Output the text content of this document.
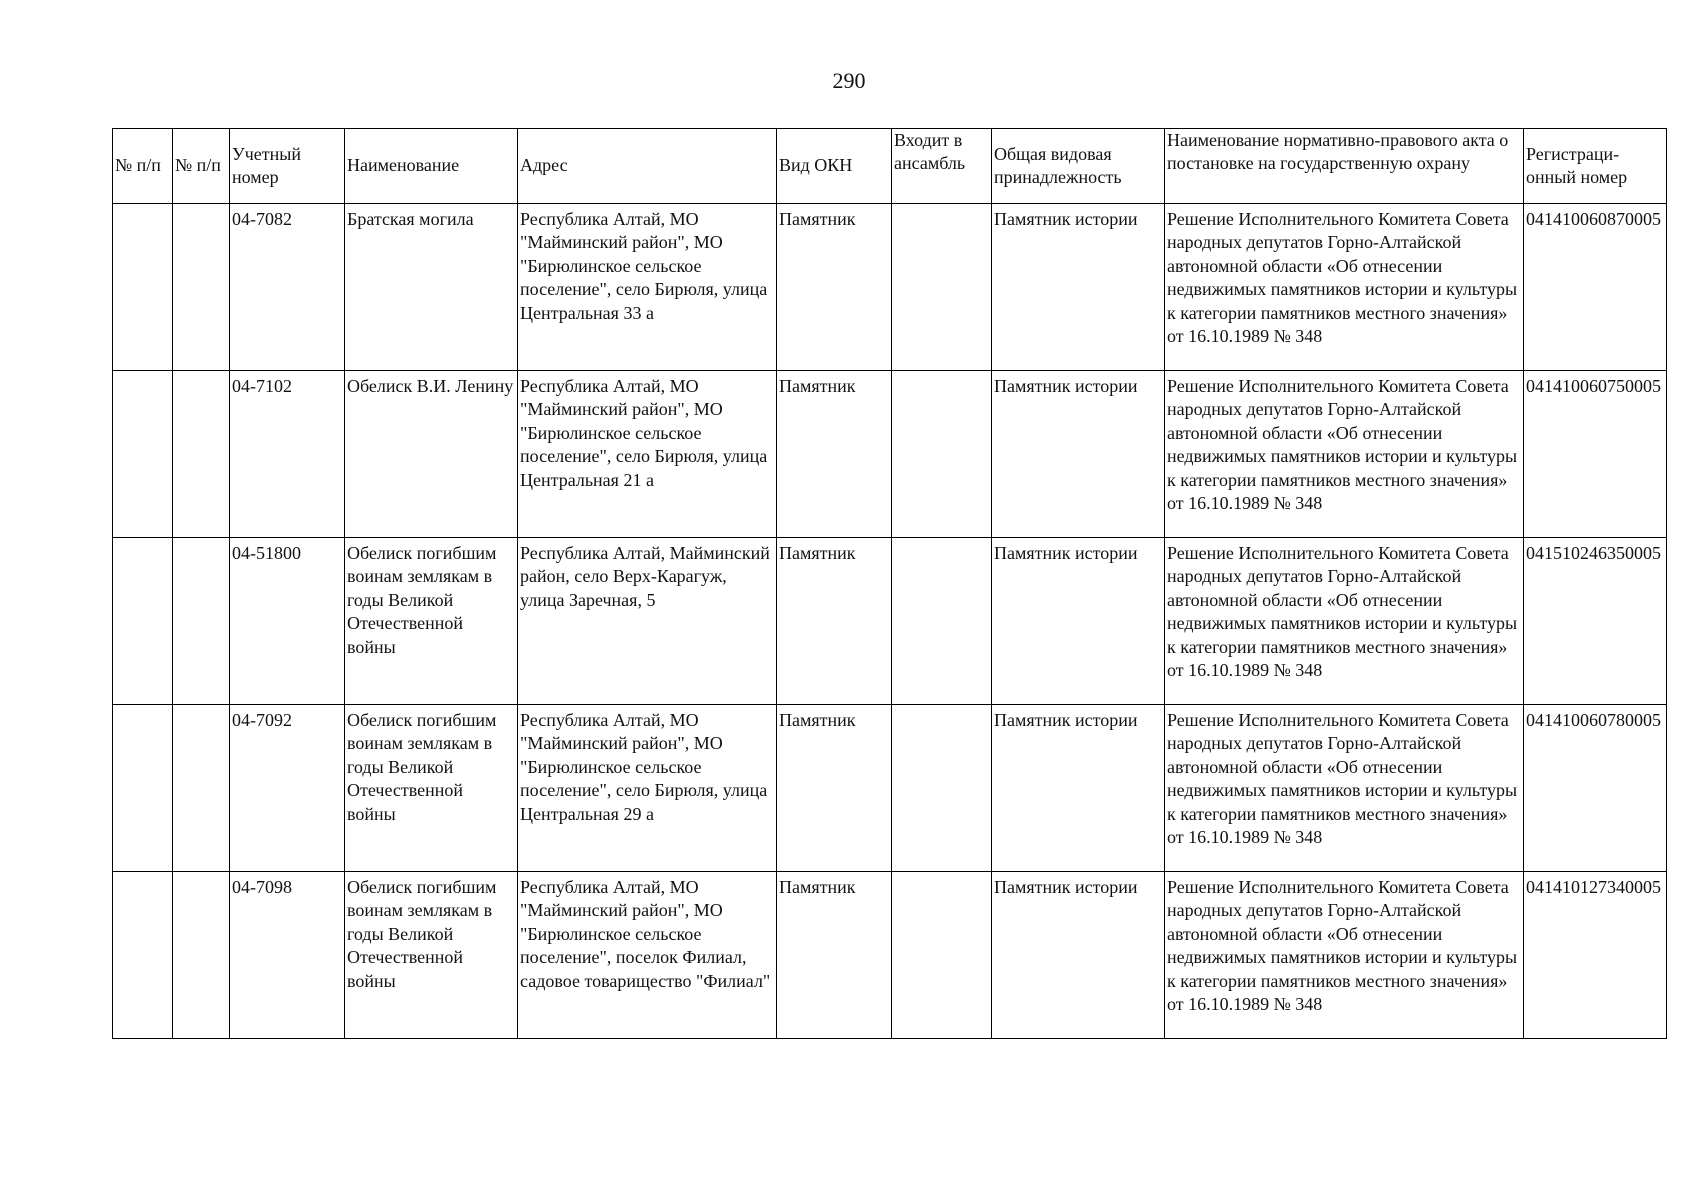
290
№ п/п	№ п/п	Учетный номер	Наименование	Адрес	Вид ОКН	Входит в ансамбль	Общая видовая принадлежность	Наименование нормативно-правового акта о постановке на государственную охрану	Регистраци-онный номер
		04-7082	Братская могила	Республика Алтай, МО "Майминский район", МО "Бирюлинское сельское поселение", село Бирюля, улица Центральная 33 а	Памятник		Памятник истории	Решение Исполнительного Комитета Совета народных депутатов Горно-Алтайской автономной области «Об отнесении недвижимых памятников истории и культуры к категории памятников местного значения» от 16.10.1989 № 348	041410060870005
		04-7102	Обелиск В.И. Ленину	Республика Алтай, МО "Майминский район", МО "Бирюлинское сельское поселение", село Бирюля, улица Центральная 21 а	Памятник		Памятник истории	Решение Исполнительного Комитета Совета народных депутатов Горно-Алтайской автономной области «Об отнесении недвижимых памятников истории и культуры к категории памятников местного значения» от 16.10.1989 № 348	041410060750005
		04-51800	Обелиск погибшим воинам землякам в годы Великой Отечественной войны	Республика Алтай, Майминский район, село Верх-Карагуж, улица Заречная, 5	Памятник		Памятник истории	Решение Исполнительного Комитета Совета народных депутатов Горно-Алтайской автономной области «Об отнесении недвижимых памятников истории и культуры к категории памятников местного значения» от 16.10.1989 № 348	041510246350005
		04-7092	Обелиск погибшим воинам землякам в годы Великой Отечественной войны	Республика Алтай, МО "Майминский район", МО "Бирюлинское сельское поселение", село Бирюля, улица Центральная 29 а	Памятник		Памятник истории	Решение Исполнительного Комитета Совета народных депутатов Горно-Алтайской автономной области «Об отнесении недвижимых памятников истории и культуры к категории памятников местного значения» от 16.10.1989 № 348	041410060780005
		04-7098	Обелиск погибшим воинам землякам в годы Великой Отечественной войны	Республика Алтай, МО "Майминский район", МО "Бирюлинское сельское поселение", поселок Филиал, садовое товарищество "Филиал"	Памятник		Памятник истории	Решение Исполнительного Комитета Совета народных депутатов Горно-Алтайской автономной области «Об отнесении недвижимых памятников истории и культуры к категории памятников местного значения» от 16.10.1989 № 348	041410127340005
